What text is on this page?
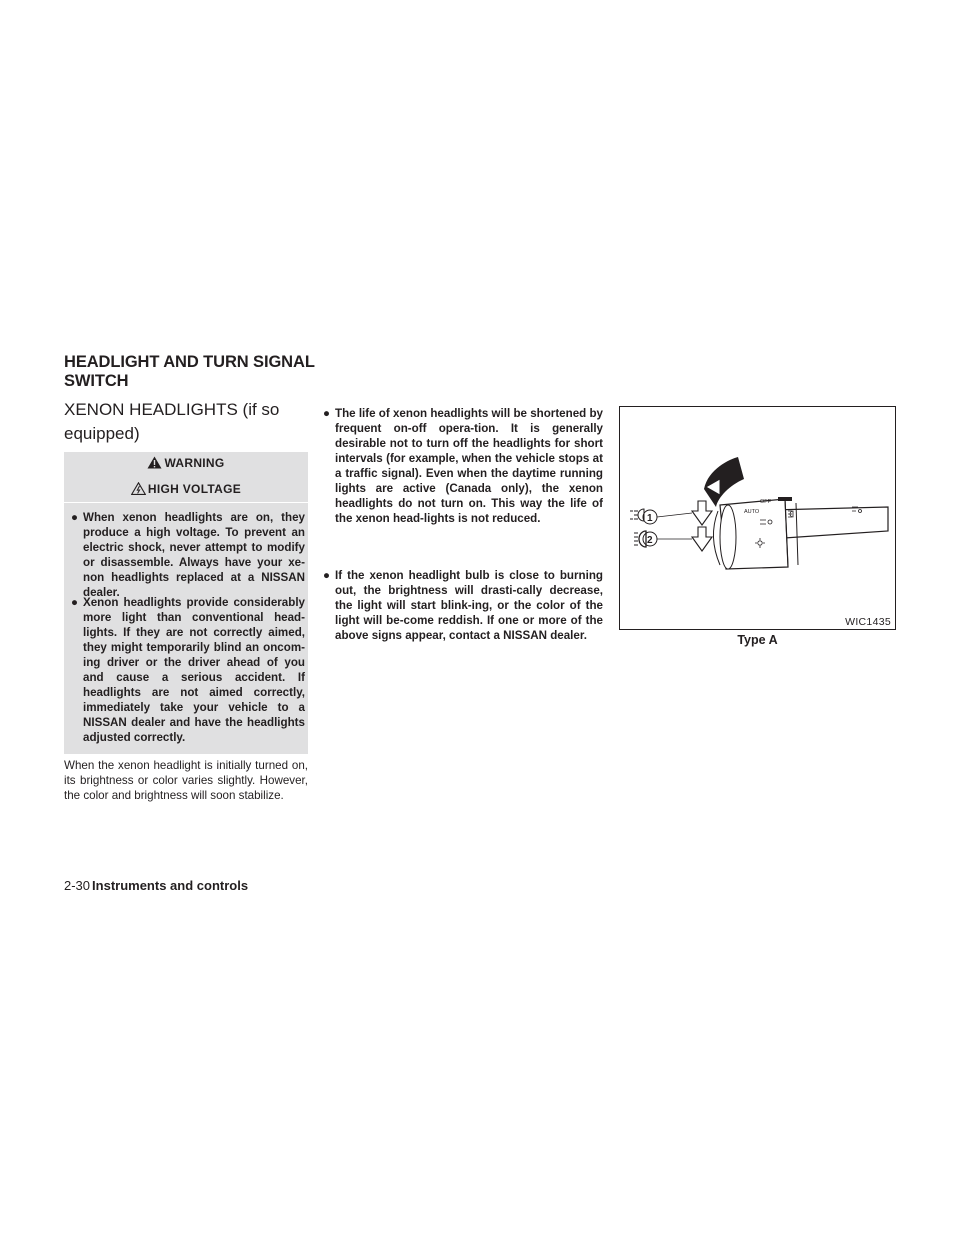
HEADLIGHT AND TURN SIGNAL
SWITCH
XENON HEADLIGHTS (if so equipped)
WARNING
HIGH VOLTAGE
● When xenon headlights are on, they produce a high voltage. To prevent an electric shock, never attempt to modify or disassemble. Always have your xe-non headlights replaced at a NISSAN dealer.
● Xenon headlights provide considerably more light than conventional head-lights. If they are not correctly aimed, they might temporarily blind an oncom-ing driver or the driver ahead of you and cause a serious accident. If headlights are not aimed correctly, immediately take your vehicle to a NISSAN dealer and have the headlights adjusted correctly.
When the xenon headlight is initially turned on, its brightness or color varies slightly. However, the color and brightness will soon stabilize.
● The life of xenon headlights will be shortened by frequent on-off opera-tion. It is generally desirable not to turn off the headlights for short intervals (for example, when the vehicle stops at a traffic signal). Even when the daytime running lights are active (Canada only), the xenon headlights do not turn on. This way the life of the xenon head-lights is not reduced.
● If the xenon headlight bulb is close to burning out, the brightness will drasti-cally decrease, the light will start blink-ing, or the color of the light will be-come reddish. If one or more of the above signs appear, contact a NISSAN dealer.
AUTO
OFF
1
2
WIC1435
Type A
2-30 Instruments and controls
